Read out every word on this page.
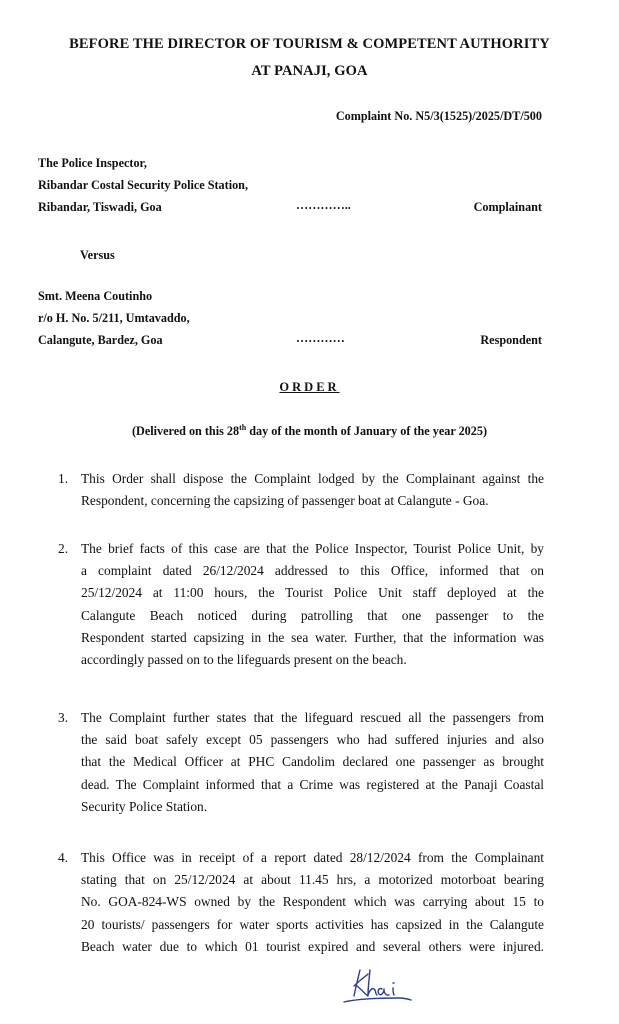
BEFORE THE DIRECTOR OF TOURISM & COMPETENT AUTHORITY
AT PANAJI, GOA
Complaint No. N5/3(1525)/2025/DT/500
The Police Inspector,
Ribandar Costal Security Police Station,
Ribandar, Tiswadi, Goa	…………..	Complainant
Versus
Smt. Meena Coutinho
r/o H. No. 5/211, Umtavaddo,
Calangute, Bardez, Goa	…………	Respondent
ORDER
(Delivered on this 28th day of the month of January of the year 2025)
1. This Order shall dispose the Complaint lodged by the Complainant against the
Respondent, concerning the capsizing of passenger boat at Calangute - Goa.
2. The brief facts of this case are that the Police Inspector, Tourist Police Unit, by
a complaint dated 26/12/2024 addressed to this Office, informed that on
25/12/2024 at 11:00 hours, the Tourist Police Unit staff deployed at the
Calangute Beach noticed during patrolling that one passenger to the
Respondent started capsizing in the sea water. Further, that the information was
accordingly passed on to the lifeguards present on the beach.
3. The Complaint further states that the lifeguard rescued all the passengers from
the said boat safely except 05 passengers who had suffered injuries and also
that the Medical Officer at PHC Candolim declared one passenger as brought
dead. The Complaint informed that a Crime was registered at the Panaji Coastal
Security Police Station.
4. This Office was in receipt of a report dated 28/12/2024 from the Complainant
stating that on 25/12/2024 at about 11.45 hrs, a motorized motorboat bearing
No. GOA-824-WS owned by the Respondent which was carrying about 15 to
20 tourists/ passengers for water sports activities has capsized in the Calangute
Beach water due to which 01 tourist expired and several others were injured.
